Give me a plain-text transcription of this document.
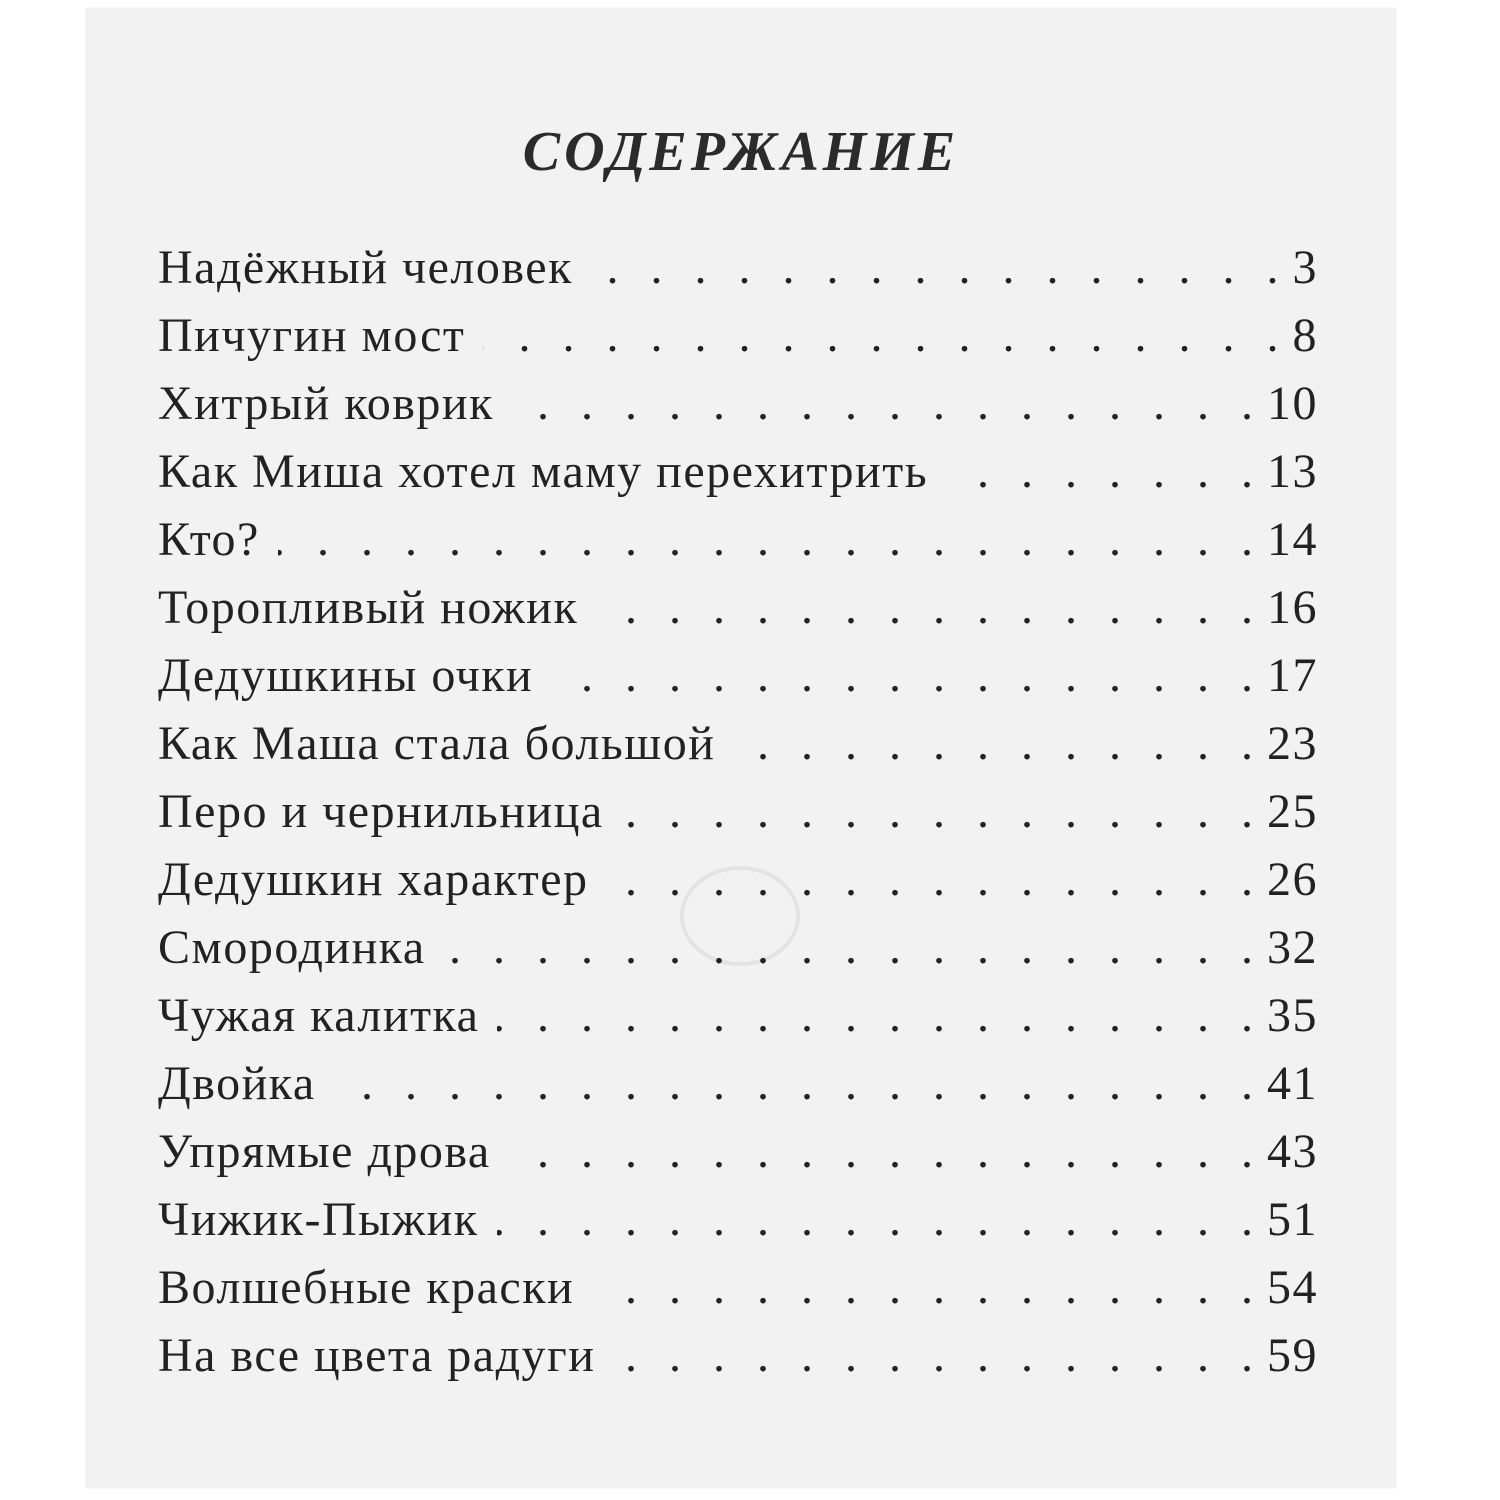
СОДЕРЖАНИЕ
Надёжный человек . . .	3
Пичугин мост . . .	8
Хитрый коврик . . .	10
Как Миша хотел маму перехитрить . . .	13
Кто? . . .	14
Торопливый ножик . . .	16
Дедушкины очки . . .	17
Как Маша стала большой . . .	23
Перо и чернильница . . .	25
Дедушкин характер . . .	26
Смородинка . . .	32
Чужая калитка . . .	35
Двойка . . .	41
Упрямые дрова . . .	43
Чижик-Пыжик . . .	51
Волшебные краски . . .	54
На все цвета радуги . . .	59
